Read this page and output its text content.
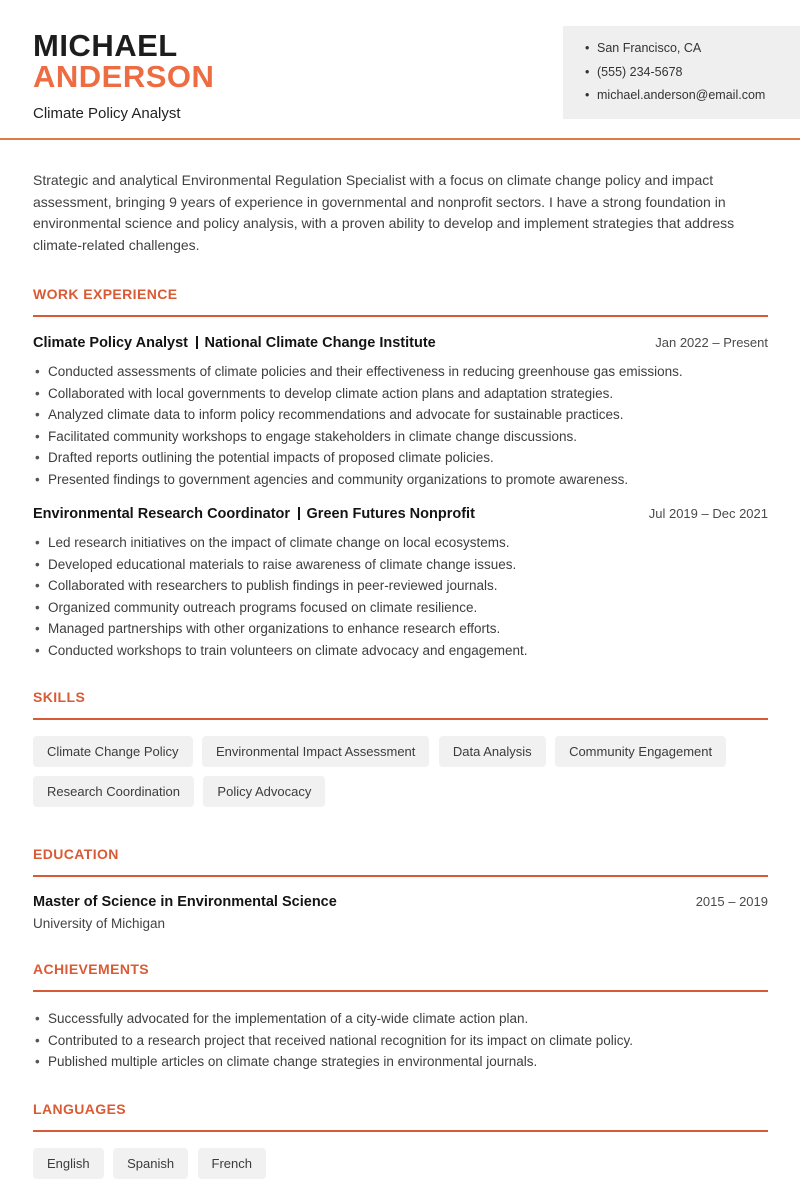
MICHAEL
ANDERSON
Climate Policy Analyst
• San Francisco, CA
• (555) 234-5678
• michael.anderson@email.com

Strategic and analytical Environmental Regulation Specialist with a focus on climate change policy and impact assessment, bringing 9 years of experience in governmental and nonprofit sectors. I have a strong foundation in environmental science and policy analysis, with a proven ability to develop and implement strategies that address climate-related challenges.

WORK EXPERIENCE
Climate Policy Analyst National Climate Change Institute	Jan 2022 – Present
• Conducted assessments of climate policies and their effectiveness in reducing greenhouse gas emissions.
• Collaborated with local governments to develop climate action plans and adaptation strategies.
• Analyzed climate data to inform policy recommendations and advocate for sustainable practices.
• Facilitated community workshops to engage stakeholders in climate change discussions.
• Drafted reports outlining the potential impacts of proposed climate policies.
• Presented findings to government agencies and community organizations to promote awareness.
Environmental Research Coordinator Green Futures Nonprofit	Jul 2019 – Dec 2021
• Led research initiatives on the impact of climate change on local ecosystems.
• Developed educational materials to raise awareness of climate change issues.
• Collaborated with researchers to publish findings in peer-reviewed journals.
• Organized community outreach programs focused on climate resilience.
• Managed partnerships with other organizations to enhance research efforts.
• Conducted workshops to train volunteers on climate advocacy and engagement.
SKILLS
Climate Change Policy	Environmental Impact Assessment	Data Analysis	Community Engagement Research Coordination	Policy Advocacy
EDUCATION
Master of Science in Environmental Science	2015 – 2019
University of Michigan
ACHIEVEMENTS
• Successfully advocated for the implementation of a city-wide climate action plan.
• Contributed to a research project that received national recognition for its impact on climate policy.
• Published multiple articles on climate change strategies in environmental journals.
LANGUAGES
English	Spanish	French
